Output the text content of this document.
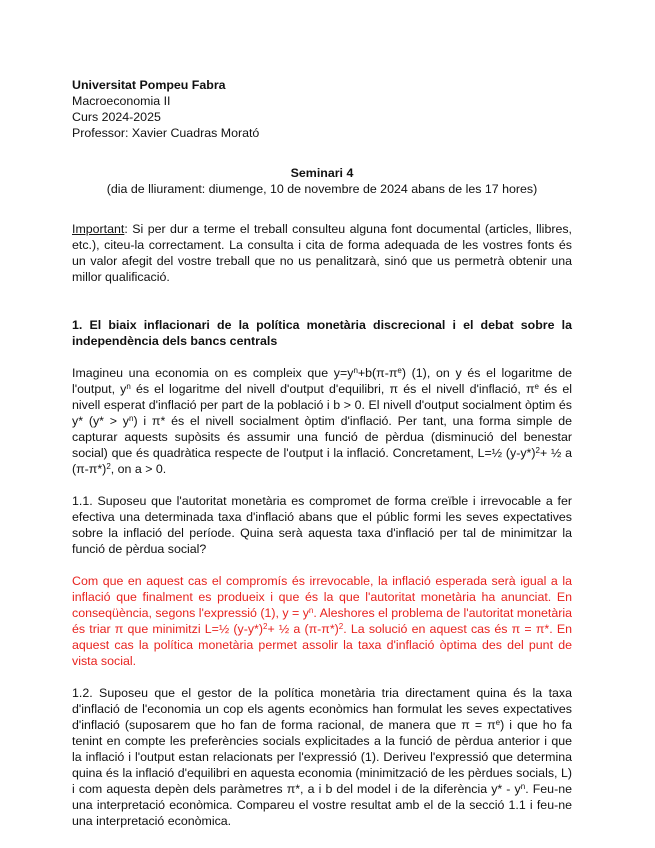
Universitat Pompeu Fabra
Macroeconomia II
Curs 2024-2025
Professor: Xavier Cuadras Morató
Seminari 4
(dia de lliurament: diumenge, 10 de novembre de 2024 abans de les 17 hores)

Important: Si per dur a terme el treball consulteu alguna font documental (articles, llibres, etc.), citeu-la correctament. La consulta i cita de forma adequada de les vostres fonts és un valor afegit del vostre treball que no us penalitzarà, sinó que us permetrà obtenir una millor qualificació.

1. El biaix inflacionari de la política monetària discrecional i el debat sobre la independència dels bancs centrals

Imagineu una economia on es compleix que $y=y^n+b(\pi-\pi^e)$ (1), on y és el logaritme de l'output, $y^n$ és el logaritme del nivell d'output d'equilibri, π és el nivell d'inflació, $\pi^e$ és el nivell esperat d'inflació per part de la població i b > 0. El nivell d'output socialment òptim és y* $(y* > y^n)$ i π* és el nivell socialment òptim d'inflació. Per tant, una forma simple de capturar aquests supòsits és assumir una funció de pèrdua (disminució del benestar social) que és quadràtica respecte de l'output i la inflació. Concretament, L=½ $(y-y*)^2+$ ½ a $(\pi-\pi*)^2$, on a > 0.

1.1. Suposeu que l'autoritat monetària es compromet de forma creïble i irrevocable a fer efectiva una determinada taxa d'inflació abans que el públic formi les seves expectatives sobre la inflació del període. Quina serà aquesta taxa d'inflació per tal de minimitzar la funció de pèrdua social?

Com que en aquest cas el compromís és irrevocable, la inflació esperada serà igual a la inflació que finalment es produeix i que és la que l'autoritat monetària ha anunciat. En conseqüència, segons l'expressió (1), $y = y^n$. Aleshores el problema de l'autoritat monetària és triar π que minimitzi L=½ $(y-y*)^2+$ ½ a $(\pi-\pi*)^2$. La solució en aquest cas és π = π*. En aquest cas la política monetària permet assolir la taxa d'inflació òptima des del punt de vista social.

1.2. Suposeu que el gestor de la política monetària tria directament quina és la taxa d'inflació de l'economia un cop els agents econòmics han formulat les seves expectatives d'inflació (suposarem que ho fan de forma racional, de manera que $\pi = \pi^e$) i que ho fa tenint en compte les preferències socials explicitades a la funció de pèrdua anterior i que la inflació i l'output estan relacionats per l'expressió (1). Deriveu l'expressió que determina quina és la inflació d'equilibri en aquesta economia (minimització de les pèrdues socials, L) i com aquesta depèn dels paràmetres π*, a i b del model i de la diferència $y* - y^n$. Feu-ne una interpretació econòmica. Compareu el vostre resultat amb el de la secció 1.1 i feu-ne una interpretació econòmica.
